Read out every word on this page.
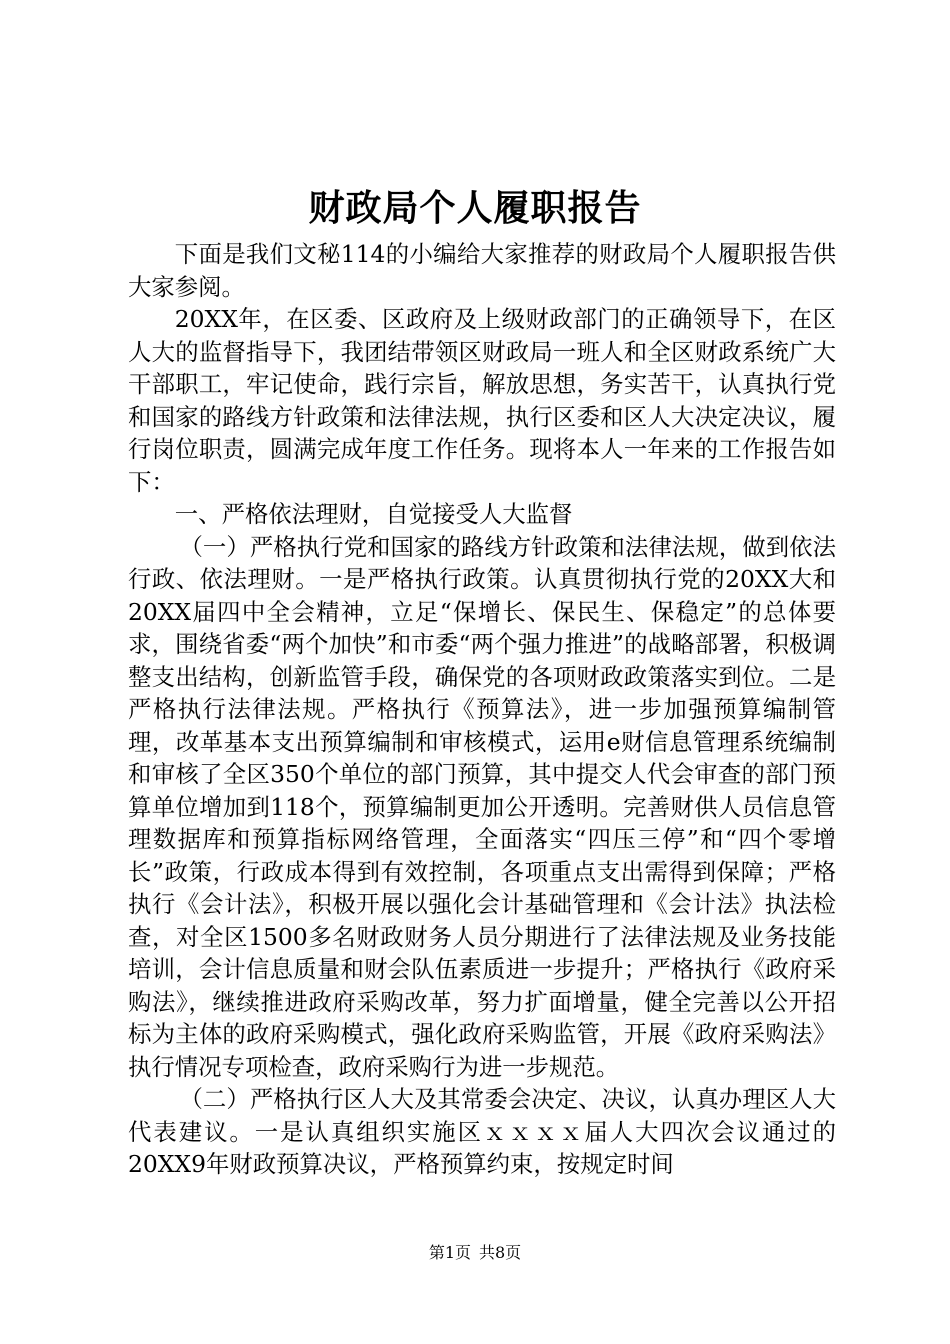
财政局个人履职报告

下面是我们文秘114的小编给大家推荐的财政局个人履职报告供大家参阅。

20XX年，在区委、区政府及上级财政部门的正确领导下，在区人大的监督指导下，我团结带领区财政局一班人和全区财政系统广大干部职工，牢记使命，践行宗旨，解放思想，务实苦干，认真执行党和国家的路线方针政策和法律法规，执行区委和区人大决定决议，履行岗位职责，圆满完成年度工作任务。现将本人一年来的工作报告如下：

一、严格依法理财，自觉接受人大监督

（一）严格执行党和国家的路线方针政策和法律法规，做到依法行政、依法理财。一是严格执行政策。认真贯彻执行党的20XX大和20XX届四中全会精神，立足“保增长、保民生、保稳定”的总体要求，围绕省委“两个加快”和市委“两个强力推进”的战略部署，积极调整支出结构，创新监管手段，确保党的各项财政政策落实到位。二是严格执行法律法规。严格执行《预算法》，进一步加强预算编制管理，改革基本支出预算编制和审核模式，运用e财信息管理系统编制和审核了全区350个单位的部门预算，其中提交人代会审查的部门预算单位增加到118个，预算编制更加公开透明。完善财供人员信息管理数据库和预算指标网络管理，全面落实“四压三停”和“四个零增长”政策，行政成本得到有效控制，各项重点支出需得到保障；严格执行《会计法》，积极开展以强化会计基础管理和《会计法》执法检查，对全区1500多名财政财务人员分期进行了法律法规及业务技能培训，会计信息质量和财会队伍素质进一步提升；严格执行《政府采购法》，继续推进政府采购改革，努力扩面增量，健全完善以公开招标为主体的政府采购模式，强化政府采购监管，开展《政府采购法》执行情况专项检查，政府采购行为进一步规范。

（二）严格执行区人大及其常委会决定、决议，认真办理区人大代表建议。一是认真组织实施区ｘｘｘｘ届人大四次会议通过的20XX9年财政预算决议，严格预算约束，按规定时间

第1页 共8页
